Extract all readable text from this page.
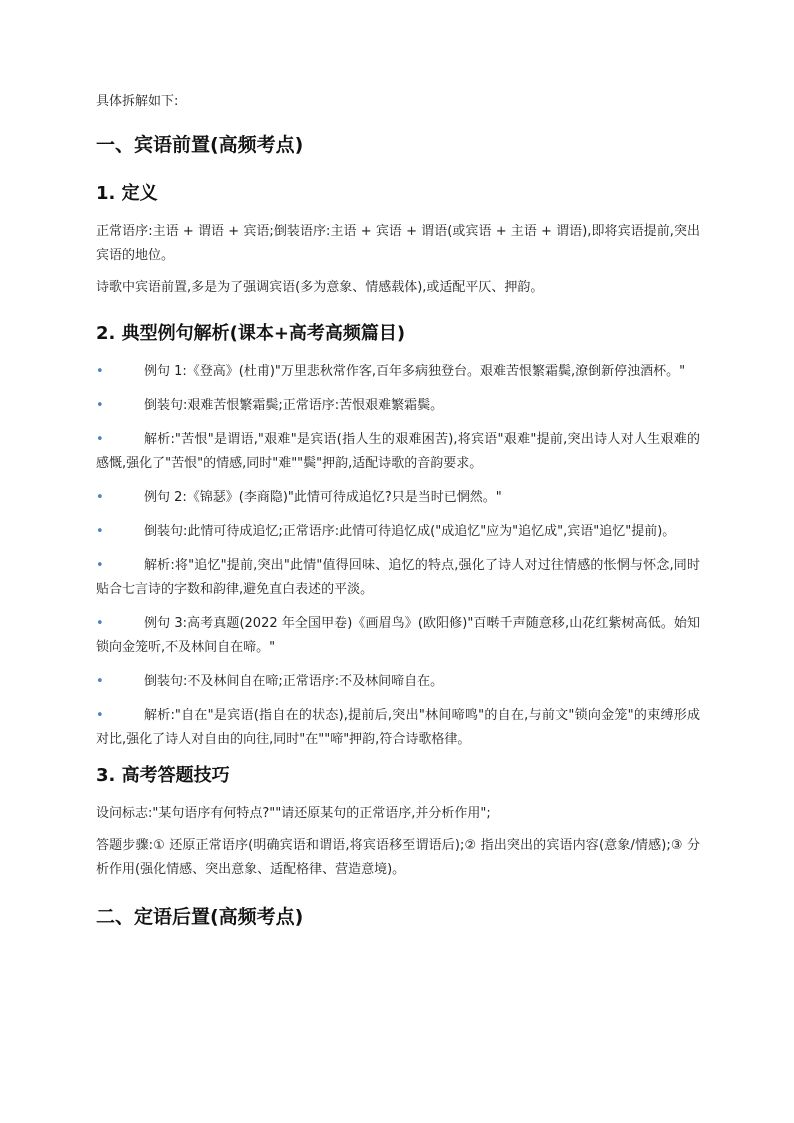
具体拆解如下:

一、宾语前置(高频考点)
1. 定义

正常语序:主语 + 谓语 + 宾语;倒装语序:主语 + 宾语 + 谓语(或宾语 + 主语 + 谓语),即将宾语提前,突出宾语的地位。

诗歌中宾语前置,多是为了强调宾语(多为意象、情感载体),或适配平仄、押韵。

2. 典型例句解析(课本+高考高频篇目)
•	例句 1:《登高》(杜甫)"万里悲秋常作客,百年多病独登台。艰难苦恨繁霜鬓,潦倒新停浊酒杯。"
•	倒装句:艰难苦恨繁霜鬓;正常语序:苦恨艰难繁霜鬓。
•	解析:"苦恨"是谓语,"艰难"是宾语(指人生的艰难困苦),将宾语"艰难"提前,突出诗人对人生艰难的感慨,强化了"苦恨"的情感,同时"难""鬓"押韵,适配诗歌的音韵要求。
•	例句 2:《锦瑟》(李商隐)"此情可待成追忆?只是当时已惘然。"
•	倒装句:此情可待成追忆;正常语序:此情可待追忆成("成追忆"应为"追忆成",宾语"追忆"提前)。
•	解析:将"追忆"提前,突出"此情"值得回味、追忆的特点,强化了诗人对过往情感的怅惘与怀念,同时贴合七言诗的字数和韵律,避免直白表述的平淡。
•	例句 3:高考真题(2022 年全国甲卷)《画眉鸟》(欧阳修)"百啭千声随意移,山花红紫树高低。始知锁向金笼听,不及林间自在啼。"
•	倒装句:不及林间自在啼;正常语序:不及林间啼自在。
•	解析:"自在"是宾语(指自在的状态),提前后,突出"林间啼鸣"的自在,与前文"锁向金笼"的束缚形成对比,强化了诗人对自由的向往,同时"在""啼"押韵,符合诗歌格律。
3. 高考答题技巧

设问标志:"某句语序有何特点?""请还原某句的正常语序,并分析作用";

答题步骤:① 还原正常语序(明确宾语和谓语,将宾语移至谓语后);② 指出突出的宾语内容(意象/情感);③ 分析作用(强化情感、突出意象、适配格律、营造意境)。

二、定语后置(高频考点)
